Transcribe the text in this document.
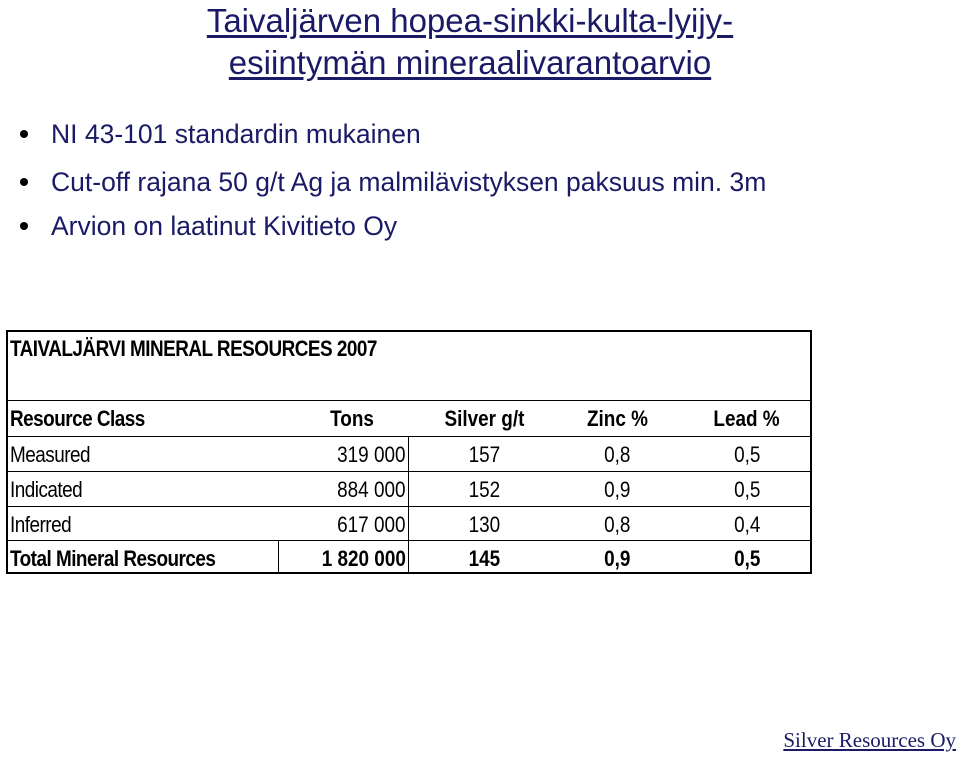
Taivaljärven hopea-sinkki-kulta-lyijy-
esiintymän mineraalivarantoarvio
NI 43-101 standardin mukainen
Cut-off rajana 50 g/t Ag ja malmilävistyksen paksuus min. 3m
Arvion on laatinut Kivitieto Oy
TAIVALJÄRVI MINERAL RESOURCES 2007
Resource Class	Tons	Silver g/t	Zinc %	Lead %
Measured	319 000	157	0,8	0,5
Indicated	884 000	152	0,9	0,5
Inferred	617 000	130	0,8	0,4
Total Mineral Resources	1 820 000	145	0,9	0,5
Silver Resources Oy
